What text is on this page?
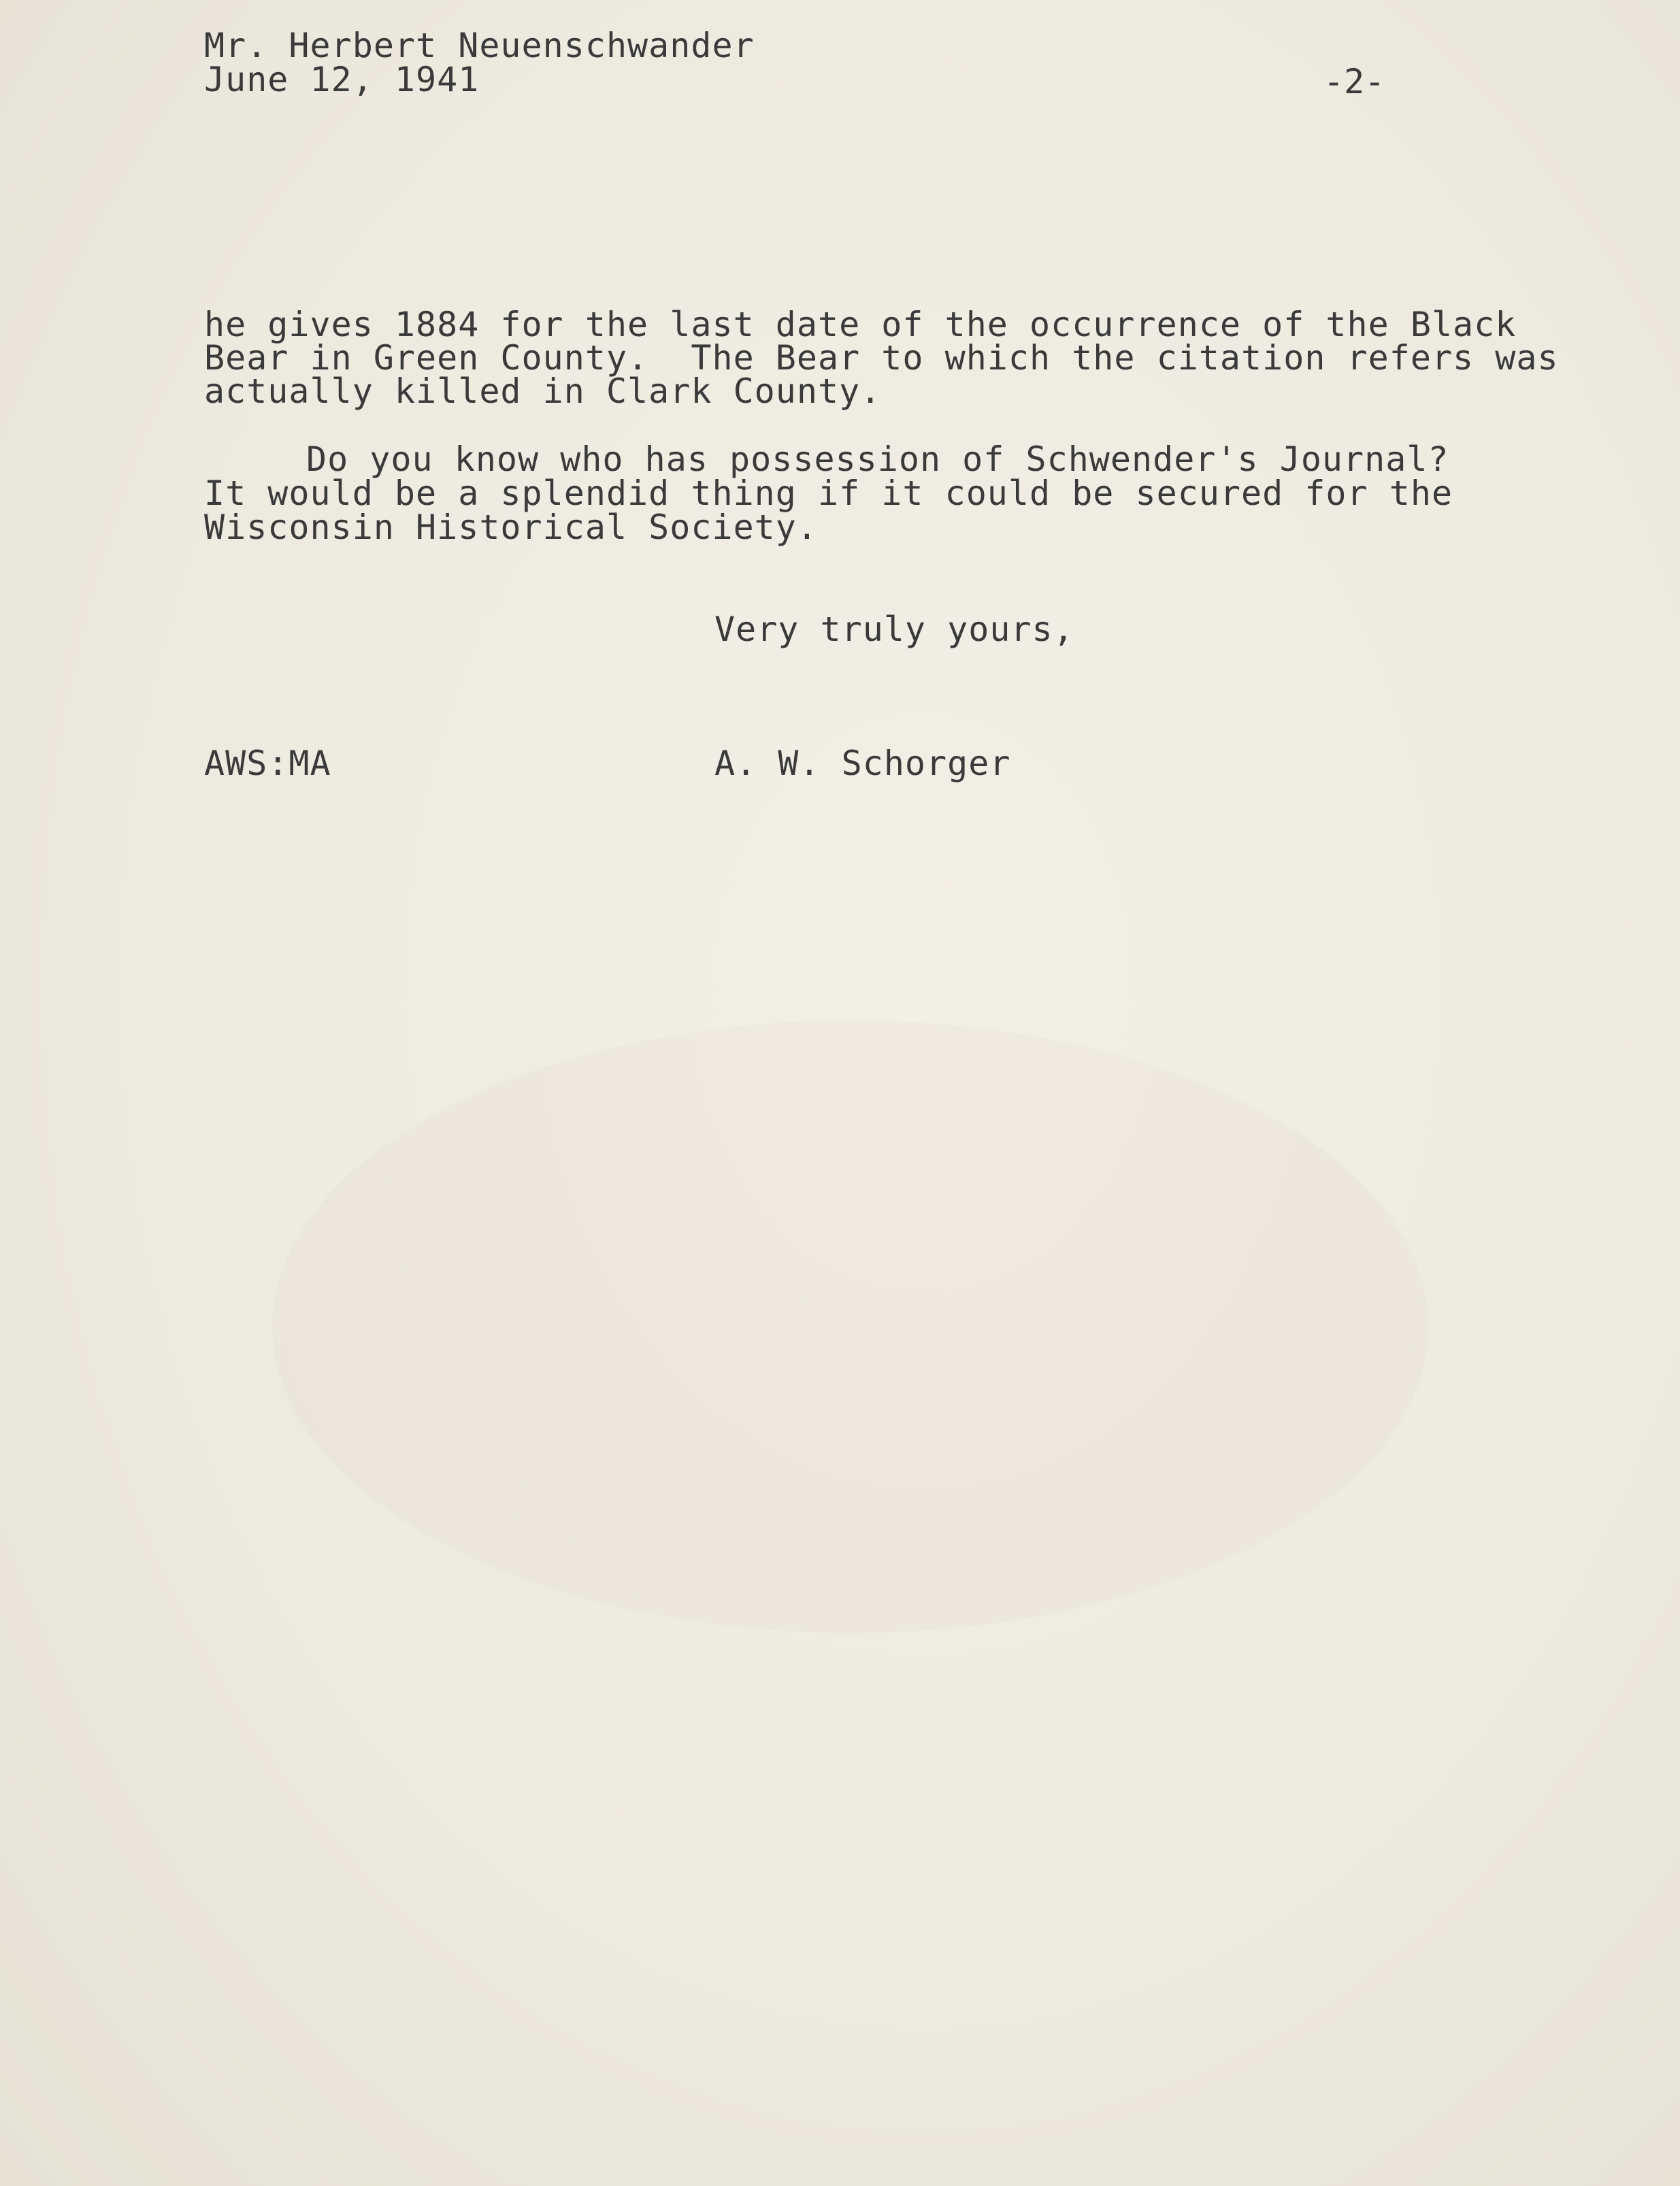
Mr. Herbert Neuenschwander
June 12, 1941	-2-
he gives 1884 for the last date of the occurrence of the Black
Bear in Green County.  The Bear to which the citation refers was
actually killed in Clark County.
Do you know who has possession of Schwender's Journal?
It would be a splendid thing if it could be secured for the
Wisconsin Historical Society.
Very truly yours,
AWS:MA	A. W. Schorger
